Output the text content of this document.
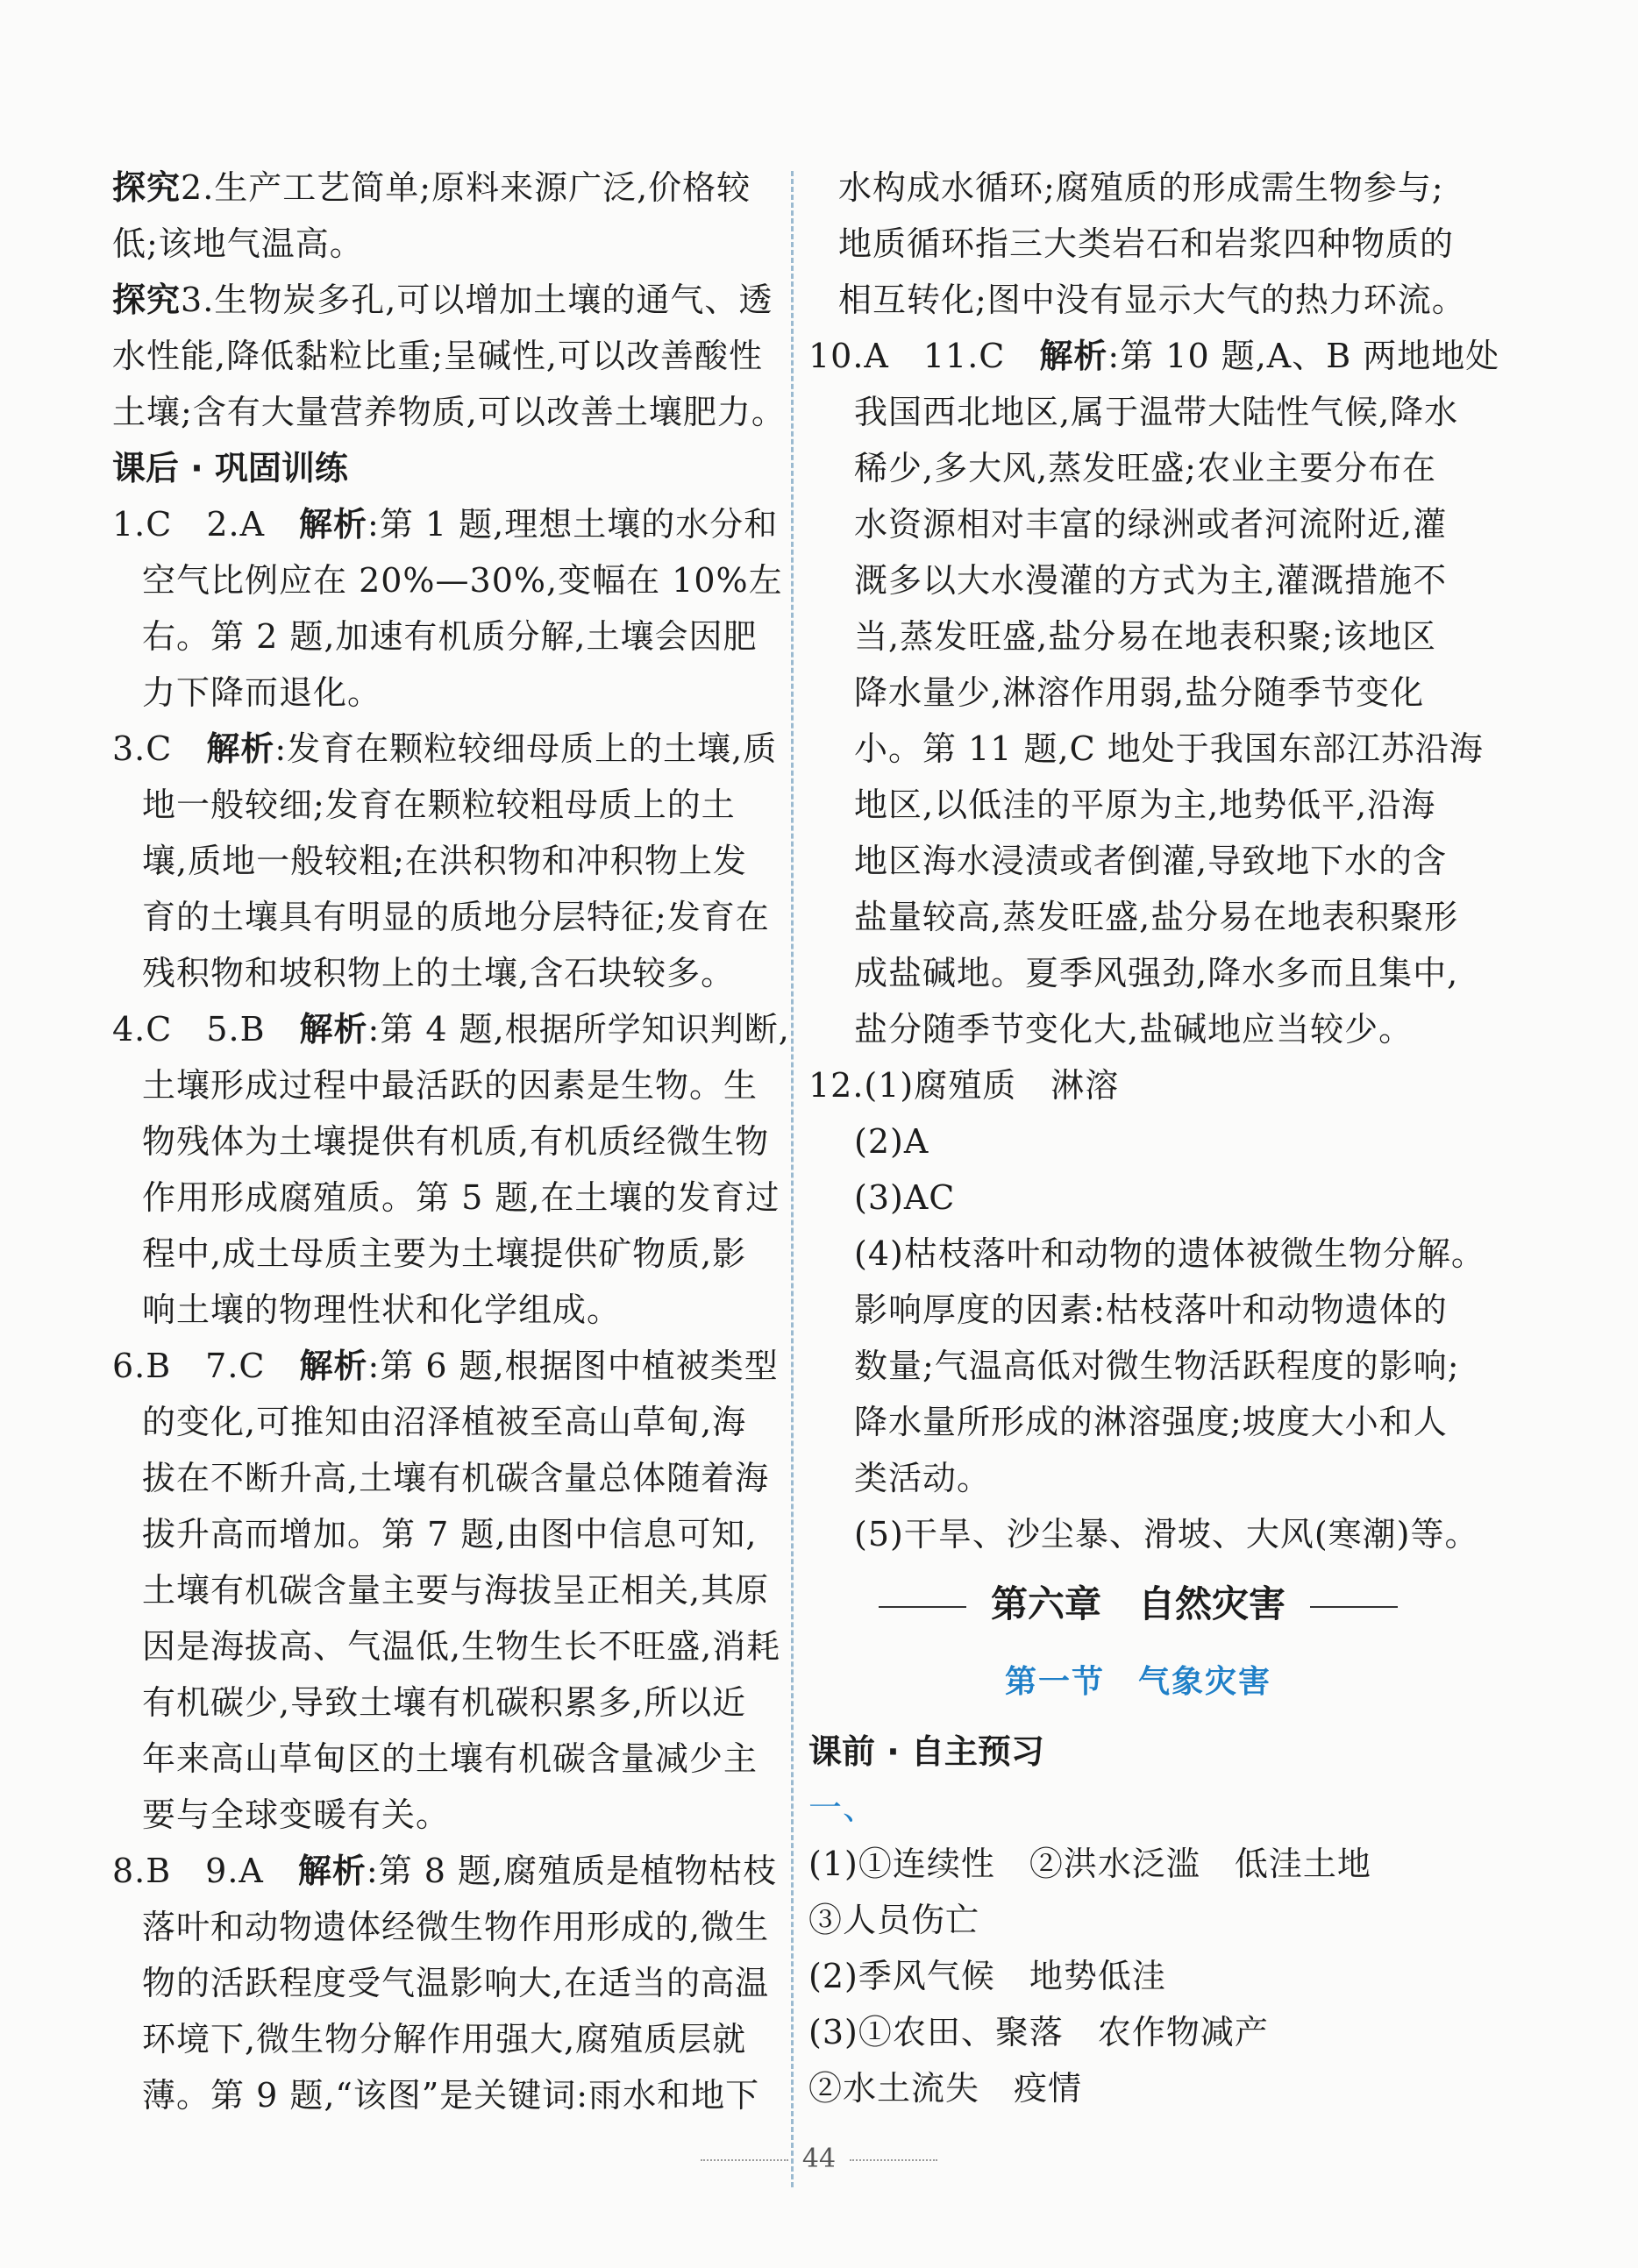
探究2.生产工艺简单;原料来源广泛,价格较
低;该地气温高。
探究3.生物炭多孔,可以增加土壤的通气、透
水性能,降低黏粒比重;呈碱性,可以改善酸性
土壤;含有大量营养物质,可以改善土壤肥力。
课后 · 巩固训练
1.C　2.A　解析:第 1 题,理想土壤的水分和
空气比例应在 20%—30%,变幅在 10%左
右。第 2 题,加速有机质分解,土壤会因肥
力下降而退化。
3.C　解析:发育在颗粒较细母质上的土壤,质
地一般较细;发育在颗粒较粗母质上的土
壤,质地一般较粗;在洪积物和冲积物上发
育的土壤具有明显的质地分层特征;发育在
残积物和坡积物上的土壤,含石块较多。
4.C　5.B　解析:第 4 题,根据所学知识判断,
土壤形成过程中最活跃的因素是生物。生
物残体为土壤提供有机质,有机质经微生物
作用形成腐殖质。第 5 题,在土壤的发育过
程中,成土母质主要为土壤提供矿物质,影
响土壤的物理性状和化学组成。
6.B　7.C　解析:第 6 题,根据图中植被类型
的变化,可推知由沼泽植被至高山草甸,海
拔在不断升高,土壤有机碳含量总体随着海
拔升高而增加。第 7 题,由图中信息可知,
土壤有机碳含量主要与海拔呈正相关,其原
因是海拔高、气温低,生物生长不旺盛,消耗
有机碳少,导致土壤有机碳积累多,所以近
年来高山草甸区的土壤有机碳含量减少主
要与全球变暖有关。
8.B　9.A　解析:第 8 题,腐殖质是植物枯枝
落叶和动物遗体经微生物作用形成的,微生
物的活跃程度受气温影响大,在适当的高温
环境下,微生物分解作用强大,腐殖质层就
薄。第 9 题,“该图”是关键词:雨水和地下
水构成水循环;腐殖质的形成需生物参与;
地质循环指三大类岩石和岩浆四种物质的
相互转化;图中没有显示大气的热力环流。
10.A　11.C　解析:第 10 题,A、B 两地地处
我国西北地区,属于温带大陆性气候,降水
稀少,多大风,蒸发旺盛;农业主要分布在
水资源相对丰富的绿洲或者河流附近,灌
溉多以大水漫灌的方式为主,灌溉措施不
当,蒸发旺盛,盐分易在地表积聚;该地区
降水量少,淋溶作用弱,盐分随季节变化
小。第 11 题,C 地处于我国东部江苏沿海
地区,以低洼的平原为主,地势低平,沿海
地区海水浸渍或者倒灌,导致地下水的含
盐量较高,蒸发旺盛,盐分易在地表积聚形
成盐碱地。夏季风强劲,降水多而且集中,
盐分随季节变化大,盐碱地应当较少。
12.(1)腐殖质　淋溶
(2)A
(3)AC
(4)枯枝落叶和动物的遗体被微生物分解。
影响厚度的因素:枯枝落叶和动物遗体的
数量;气温高低对微生物活跃程度的影响;
降水量所形成的淋溶强度;坡度大小和人
类活动。
(5)干旱、沙尘暴、滑坡、大风(寒潮)等。
第六章　自然灾害
第一节　气象灾害
课前 · 自主预习
一、
(1)①连续性　②洪水泛滥　低洼土地
③人员伤亡
(2)季风气候　地势低洼
(3)①农田、聚落　农作物减产
②水土流失　疫情
44
